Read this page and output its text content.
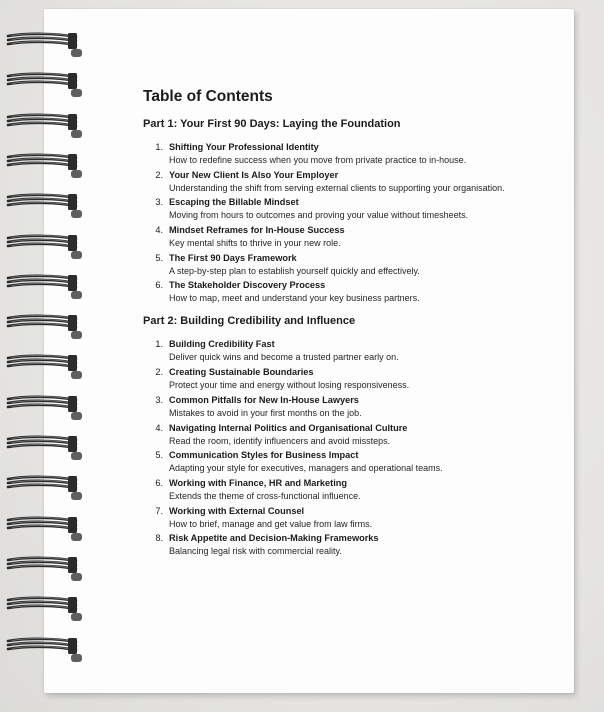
Table of Contents
Part 1: Your First 90 Days: Laying the Foundation
1. Shifting Your Professional Identity
How to redefine success when you move from private practice to in-house.
2. Your New Client Is Also Your Employer
Understanding the shift from serving external clients to supporting your organisation.
3. Escaping the Billable Mindset
Moving from hours to outcomes and proving your value without timesheets.
4. Mindset Reframes for In-House Success
Key mental shifts to thrive in your new role.
5. The First 90 Days Framework
A step-by-step plan to establish yourself quickly and effectively.
6. The Stakeholder Discovery Process
How to map, meet and understand your key business partners.
Part 2: Building Credibility and Influence
1. Building Credibility Fast
Deliver quick wins and become a trusted partner early on.
2. Creating Sustainable Boundaries
Protect your time and energy without losing responsiveness.
3. Common Pitfalls for New In-House Lawyers
Mistakes to avoid in your first months on the job.
4. Navigating Internal Politics and Organisational Culture
Read the room, identify influencers and avoid missteps.
5. Communication Styles for Business Impact
Adapting your style for executives, managers and operational teams.
6. Working with Finance, HR and Marketing
Extends the theme of cross-functional influence.
7. Working with External Counsel
How to brief, manage and get value from law firms.
8. Risk Appetite and Decision-Making Frameworks
Balancing legal risk with commercial reality.
